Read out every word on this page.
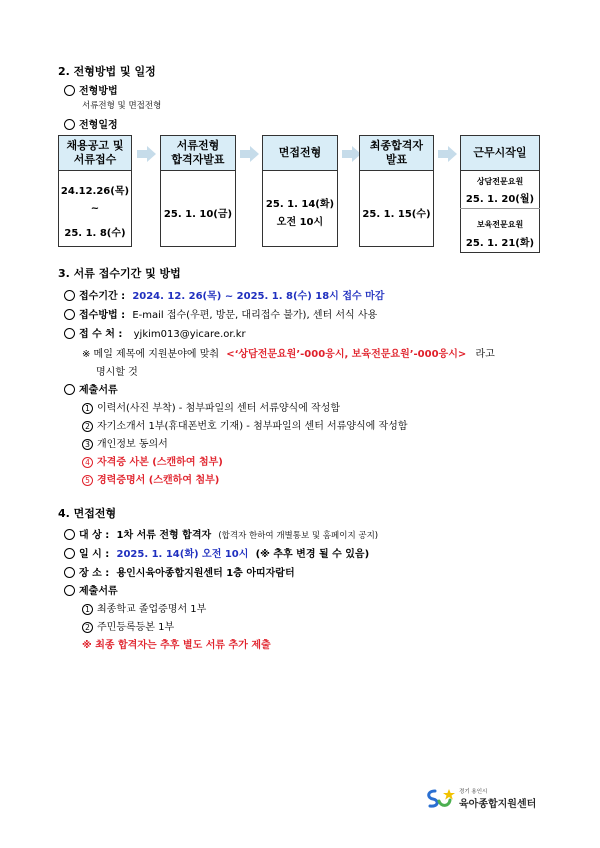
2. 전형방법 및 일정
전형방법
서류전형 및 면접전형
전형일정
채용공고 및
서류접수
24.12.26(목)
~
25. 1. 8(수)
서류전형
합격자발표
25. 1. 10(금)
면접전형
25. 1. 14(화)
오전 10시
최종합격자
발표
25. 1. 15(수)
근무시작일
상담전문요원
25. 1. 20(월)
보육전문요원
25. 1. 21(화)
3. 서류 접수기간 및 방법
접수기간 : 2024. 12. 26(목) ~ 2025. 1. 8(수) 18시 접수 마감
접수방법 : E-mail 접수(우편, 방문, 대리접수 불가), 센터 서식 사용
접 수 처 : yjkim013@yicare.or.kr
※ 메일 제목에 지원분야에 맞춰 <‘상담전문요원’-000응시, 보육전문요원’-000응시> 라고
명시할 것
제출서류
1 이력서(사진 부착) - 첨부파일의 센터 서류양식에 작성함
2 자기소개서 1부(휴대폰번호 기재) - 첨부파일의 센터 서류양식에 작성함
3 개인정보 동의서
4 자격증 사본 (스캔하여 첨부)
5 경력증명서 (스캔하여 첨부)
4. 면접전형
대 상 : 1차 서류 전형 합격자 (합격자 한하여 개별통보 및 홈페이지 공지)
일 시 : 2025. 1. 14(화) 오전 10시 (※ 추후 변경 될 수 있음)
장 소 : 용인시육아종합지원센터 1층 아띠자람터
제출서류
1 최종학교 졸업증명서 1부
2 주민등록등본 1부
※ 최종 합격자는 추후 별도 서류 추가 제출
경기 용인시
육아종합지원센터
